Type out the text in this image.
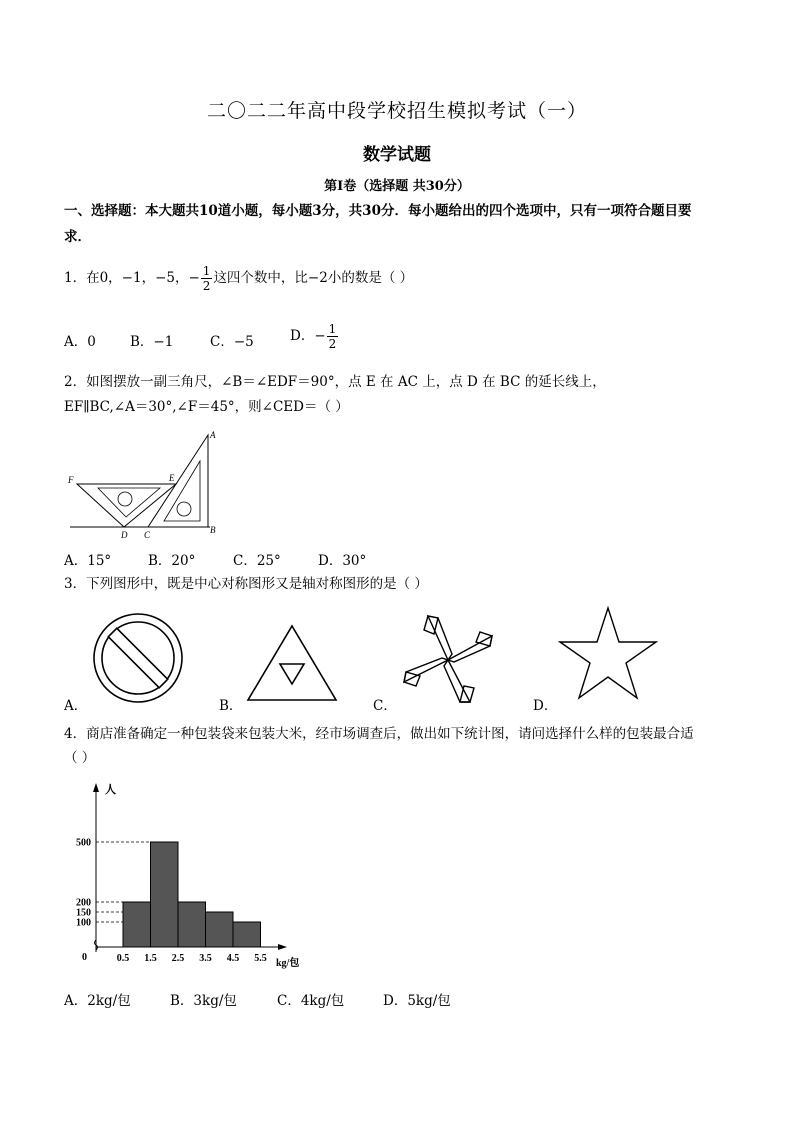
二〇二二年高中段学校招生模拟考试（一）
数学试题
第Ⅰ卷（选择题 共30分）
一、选择题：本大题共10道小题，每小题3分，共30分．每小题给出的四个选项中，只有一项符合题目要
求．
1．在0，−1，−5，− $\frac{1}{2}$ 这四个数中，比−2小的数是（ ）
A．0	B．−1	C．−5	D．− $\frac{1}{2}$
2．如图摆放一副三角尺，∠B＝∠EDF＝90°，点 E 在 AC 上，点 D 在 BC 的延长线上，
EF∥BC,∠A＝30°,∠F＝45°，则∠CED＝（ ）
A
B
C
D
E
F
A．15°	B．20°	C．25°	D．30°
3．下列图形中，既是中心对称图形又是轴对称图形的是（ ）
A．	B．	C．	D．
4．商店准备确定一种包装袋来包装大米，经市场调查后，做出如下统计图，请问选择什么样的包装最合适
（ ）
人
kg/包
0
500
200
150
100
0.5 1.5 2.5 3.5 4.5 5.5
A．2kg/包	B．3kg/包	C．4kg/包	D．5kg/包
